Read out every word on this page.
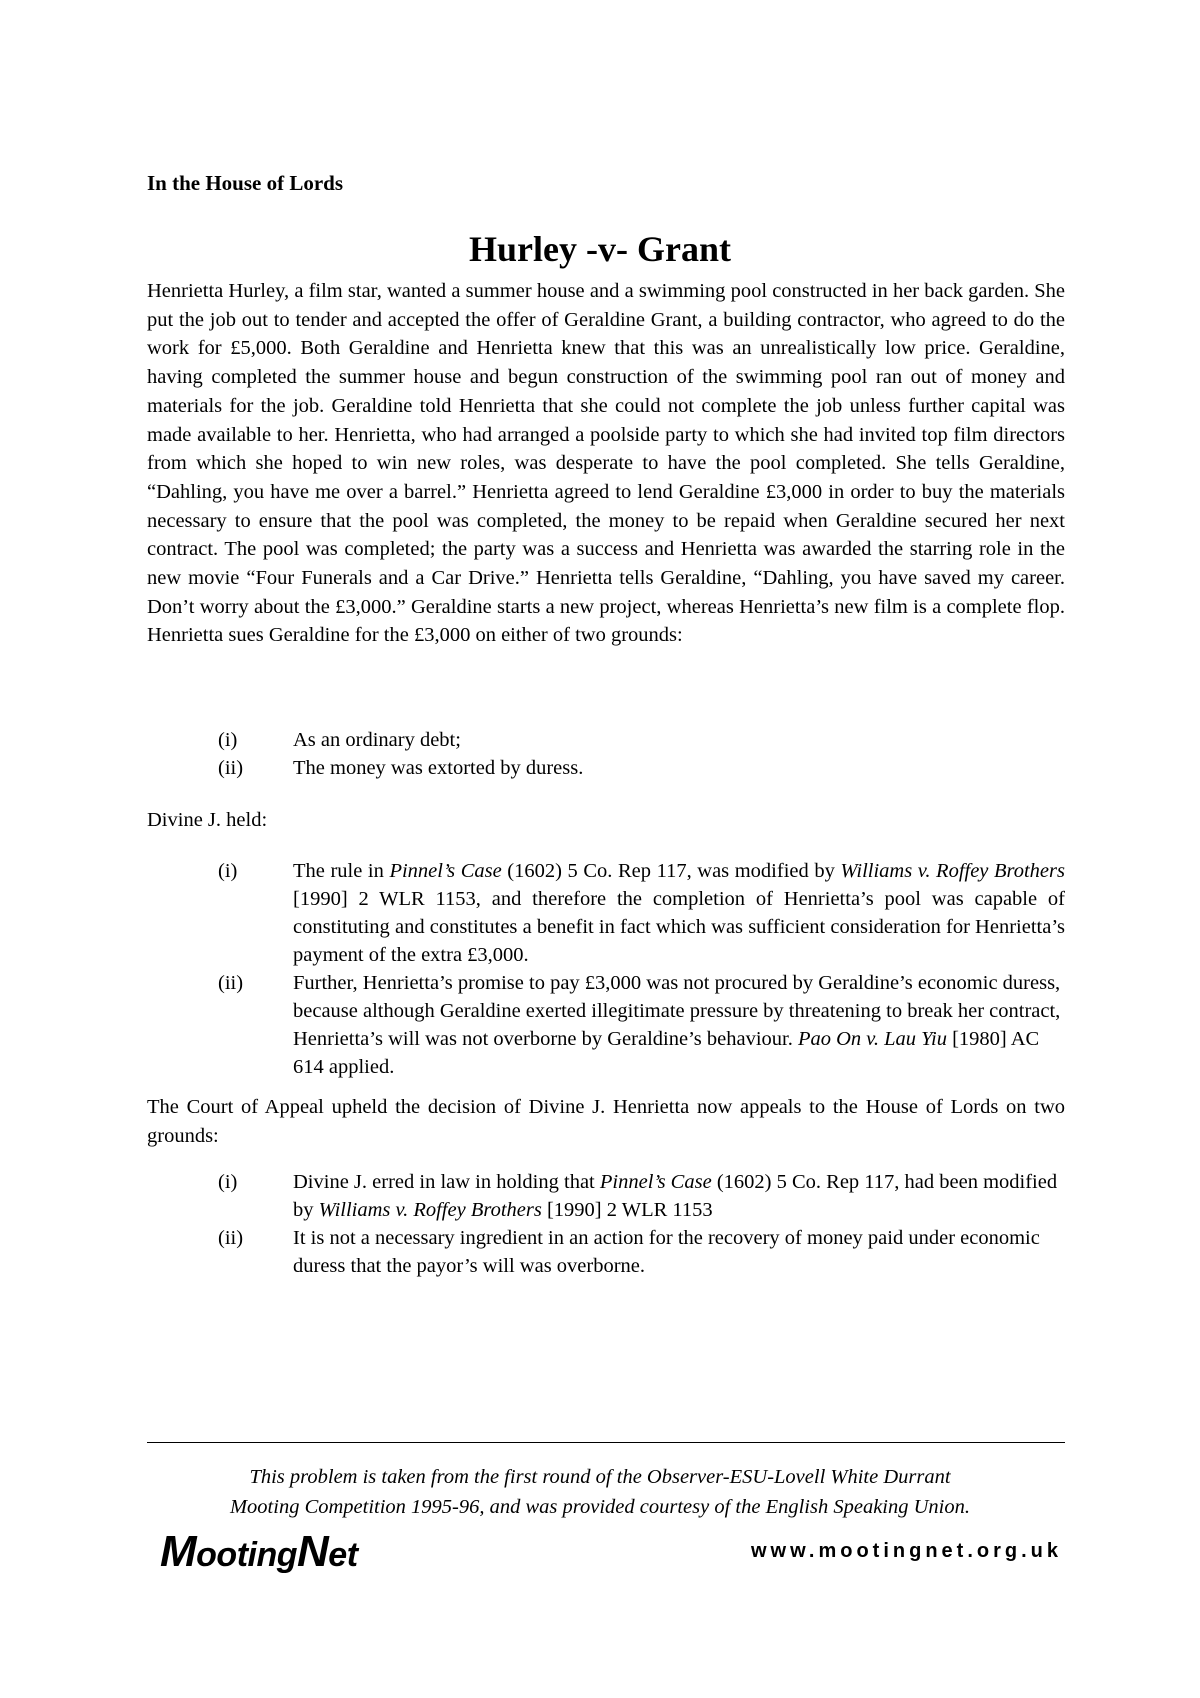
In the House of Lords

Hurley -v- Grant

Henrietta Hurley, a film star, wanted a summer house and a swimming pool constructed in her back garden. She put the job out to tender and accepted the offer of Geraldine Grant, a building contractor, who agreed to do the work for £5,000. Both Geraldine and Henrietta knew that this was an unrealistically low price. Geraldine, having completed the summer house and begun construction of the swimming pool ran out of money and materials for the job. Geraldine told Henrietta that she could not complete the job unless further capital was made available to her. Henrietta, who had arranged a poolside party to which she had invited top film directors from which she hoped to win new roles, was desperate to have the pool completed. She tells Geraldine, “Dahling, you have me over a barrel.” Henrietta agreed to lend Geraldine £3,000 in order to buy the materials necessary to ensure that the pool was completed, the money to be repaid when Geraldine secured her next contract. The pool was completed; the party was a success and Henrietta was awarded the starring role in the new movie “Four Funerals and a Car Drive.” Henrietta tells Geraldine, “Dahling, you have saved my career. Don’t worry about the £3,000.” Geraldine starts a new project, whereas Henrietta’s new film is a complete flop. Henrietta sues Geraldine for the £3,000 on either of two grounds:

(i)	As an ordinary debt;
(ii) The money was extorted by duress.

Divine J. held:

(i)	The rule in Pinnel’s Case (1602) 5 Co. Rep 117, was modified by Williams v. Roffey Brothers [1990] 2 WLR 1153, and therefore the completion of Henrietta’s pool was capable of constituting and constitutes a benefit in fact which was sufficient consideration for Henrietta’s payment of the extra £3,000.
(ii) Further, Henrietta’s promise to pay £3,000 was not procured by Geraldine’s economic duress, because although Geraldine exerted illegitimate pressure by threatening to break her contract, Henrietta’s will was not overborne by Geraldine’s behaviour. Pao On v. Lau Yiu [1980] AC 614 applied.

The Court of Appeal upheld the decision of Divine J. Henrietta now appeals to the House of Lords on two grounds:

(i)	Divine J. erred in law in holding that Pinnel’s Case (1602) 5 Co. Rep 117, had been modified by Williams v. Roffey Brothers [1990] 2 WLR 1153
(ii) It is not a necessary ingredient in an action for the recovery of money paid under economic duress that the payor’s will was overborne.

This problem is taken from the first round of the Observer-ESU-Lovell White Durrant
Mooting Competition 1995-96, and was provided courtesy of the English Speaking Union.

MootingNet	www.mootingnet.org.uk
